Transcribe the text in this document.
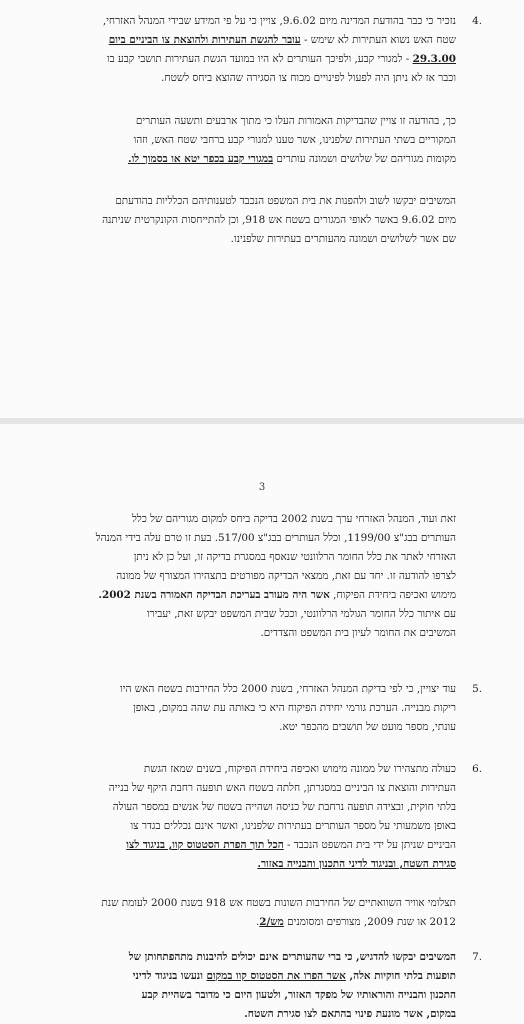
4.
נזכיר כי כבר בהודעת המדינה מיום 9.6.02, צויין כי על פי המידע שבידי המנהל האזרחי,
שטח האש נשוא העתירות לא שימש - עובר להגשת העתירות ולהוצאת צו הביניים ביום
29.3.00 - למגורי קבע, ולפיכך העותרים לא היו במועד הגשת העתירות תושבי קבע בו
וכבר אז לא ניתן היה לפעול לפינויים מכוח צו הסגירה שהוצא ביחס לשטח.
כך, בהודעה זו צויין שהבדיקות האמורות העלו כי מתוך ארבעים ותשעה העותרים
המקוריים בשתי העתירות שלפנינו, אשר טענו למגורי קבע ברחבי שטח האש, וזהו
מקומות מגוריהם של שלושים ושמונה עותרים במגורי קבע בכפר יטא או בסמוך לו.
המשיבים יבקשו לשוב ולהפנות את בית המשפט הנכבד לטענותיהם הכלליות בהודעתם
מיום 9.6.02 באשר לאופי המגורים בשטח אש 918, וכן להתייחסות הקונקרטית שניתנה
שם אשר לשלושים ושמונה מהעותרים בעתירות שלפנינו.
3
זאת ועוד, המנהל האזרחי ערך בשנת 2002 בדיקה ביחס למקום מגוריהם של כלל
העותרים בבג"צ 1199/00, וכלל העותרים בבג"צ 517/00. בעת זו טרם עלה בידי המנהל
האזרחי לאתר את כלל החומר הרלוונטי שנאסף במסגרת בדיקה זו, ועל כן לא ניתן
לצרפו להודעה זו. יחד עם זאת, ממצאי הבדיקה מפורטים בתצהירו המצורף של ממונה
מימוש ואכיפה ביחידת הפיקוח, אשר היה מעורב בעריכת הבדיקה האמורה בשנת 2002.
עם איתור כלל החומר הגולמי הרלוונטי, וככל שבית המשפט יבקש זאת, יעבירו
המשיבים את החומר לעיון בית המשפט והצדדים.
5.
עוד יצויין, כי לפי בדיקת המנהל האזרחי, בשנת 2000 כלל החירבות בשטח האש היו
ריקות מבנייה. הערכת גורמי יחידת הפיקוח היא כי באותה עת שהה במקום, באופן
עונתי, מספר מועט של תושבים מהכפר יטא.
6.
כעולה מתצהירו של ממונה מימוש ואכיפה ביחידת הפיקוח, בשנים שמאז הגשת
העתירות והוצאת צו הביניים במסגרתן, חלתה בשטח האש תופעה רחבת היקף של בנייה
בלתי חוקית, ובצידה תופעה נרחבת של כניסה ושהייה בשטח של אנשים במספר העולה
באופן משמעותי על מספר העותרים בעתירות שלפנינו, ואשר אינם נכללים בגדר צו
הביניים שניתן על ידי בית המשפט הנכבד - הכל תוך הפרת הסטטוס קוו, בניגוד לצו
סגירת השטח, ובניגוד לדיני התכנון והבנייה באזור.
תצלומי אוויר השוואתיים של החירבות השונות בשטח אש 918 בשנת 2000 לעומת שנת
2012 או שנת 2009, מצורפים ומסומנים מש/2.
7.
המשיבים יבקשו להדגיש, כי ברי שהעותרים אינם יכולים להיבנות מתהפתחותן של
תופעות בלתי חוקיות אלה, אשר הפרו את הסטטוס קוו במקום ונעשו בניגוד לדיני
התכנון והבנייה והוראותיו של מפקד האזור, ולטעון היום כי מדובר בשהיית קבע
במקום, אשר מונעת פינוי בהתאם לצו סגירת השטח.
